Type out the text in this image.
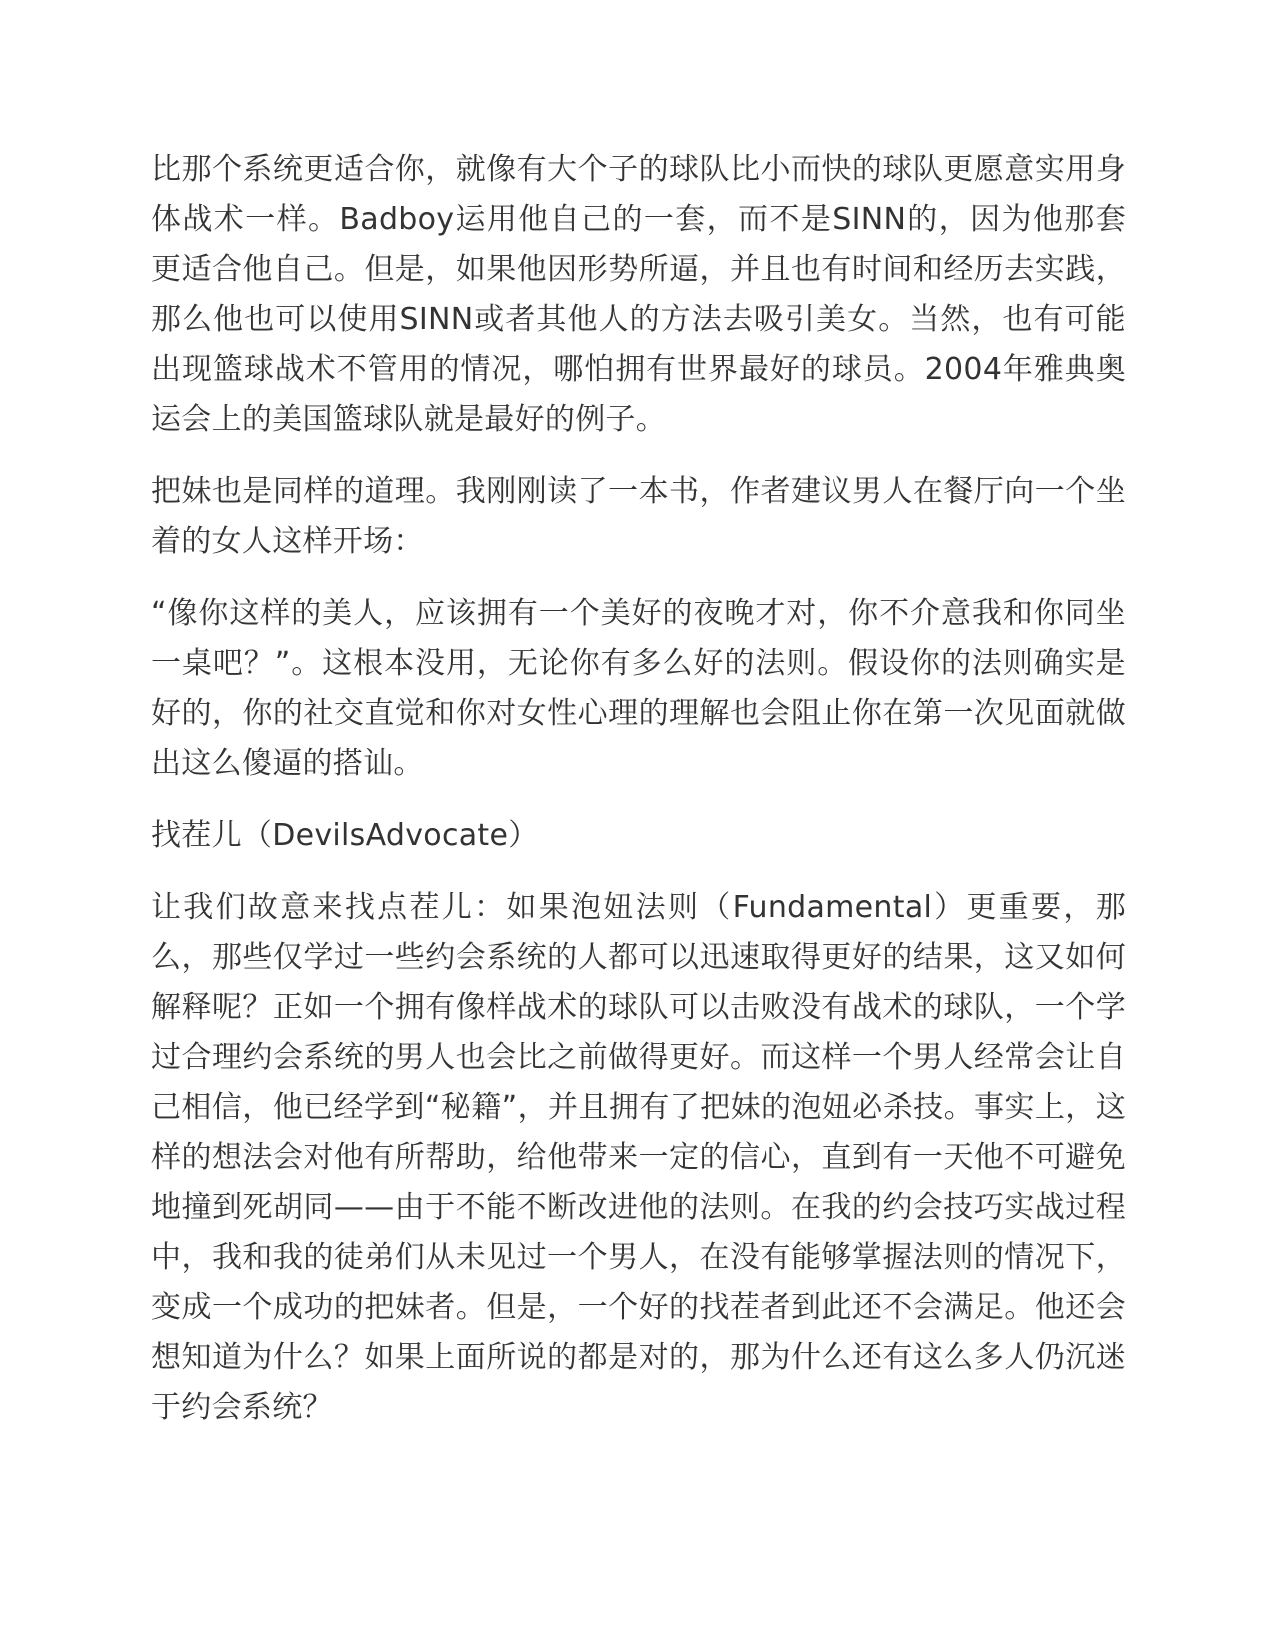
比那个系统更适合你，就像有大个子的球队比小而快的球队更愿意实用身体战术一样。Badboy运用他自己的一套，而不是SINN的，因为他那套更适合他自己。但是，如果他因形势所逼，并且也有时间和经历去实践，那么他也可以使用SINN或者其他人的方法去吸引美女。当然，也有可能出现篮球战术不管用的情况，哪怕拥有世界最好的球员。2004年雅典奥运会上的美国篮球队就是最好的例子。

把妹也是同样的道理。我刚刚读了一本书，作者建议男人在餐厅向一个坐着的女人这样开场：

“像你这样的美人，应该拥有一个美好的夜晚才对，你不介意我和你同坐一桌吧？”。这根本没用，无论你有多么好的法则。假设你的法则确实是好的，你的社交直觉和你对女性心理的理解也会阻止你在第一次见面就做出这么傻逼的搭讪。

找茬儿（DevilsAdvocate）

让我们故意来找点茬儿：如果泡妞法则（Fundamental）更重要，那么，那些仅学过一些约会系统的人都可以迅速取得更好的结果，这又如何解释呢？正如一个拥有像样战术的球队可以击败没有战术的球队，一个学过合理约会系统的男人也会比之前做得更好。而这样一个男人经常会让自己相信，他已经学到“秘籍”，并且拥有了把妹的泡妞必杀技。事实上，这样的想法会对他有所帮助，给他带来一定的信心，直到有一天他不可避免地撞到死胡同——由于不能不断改进他的法则。在我的约会技巧实战过程中，我和我的徒弟们从未见过一个男人，在没有能够掌握法则的情况下，变成一个成功的把妹者。但是，一个好的找茬者到此还不会满足。他还会想知道为什么？如果上面所说的都是对的，那为什么还有这么多人仍沉迷于约会系统？
